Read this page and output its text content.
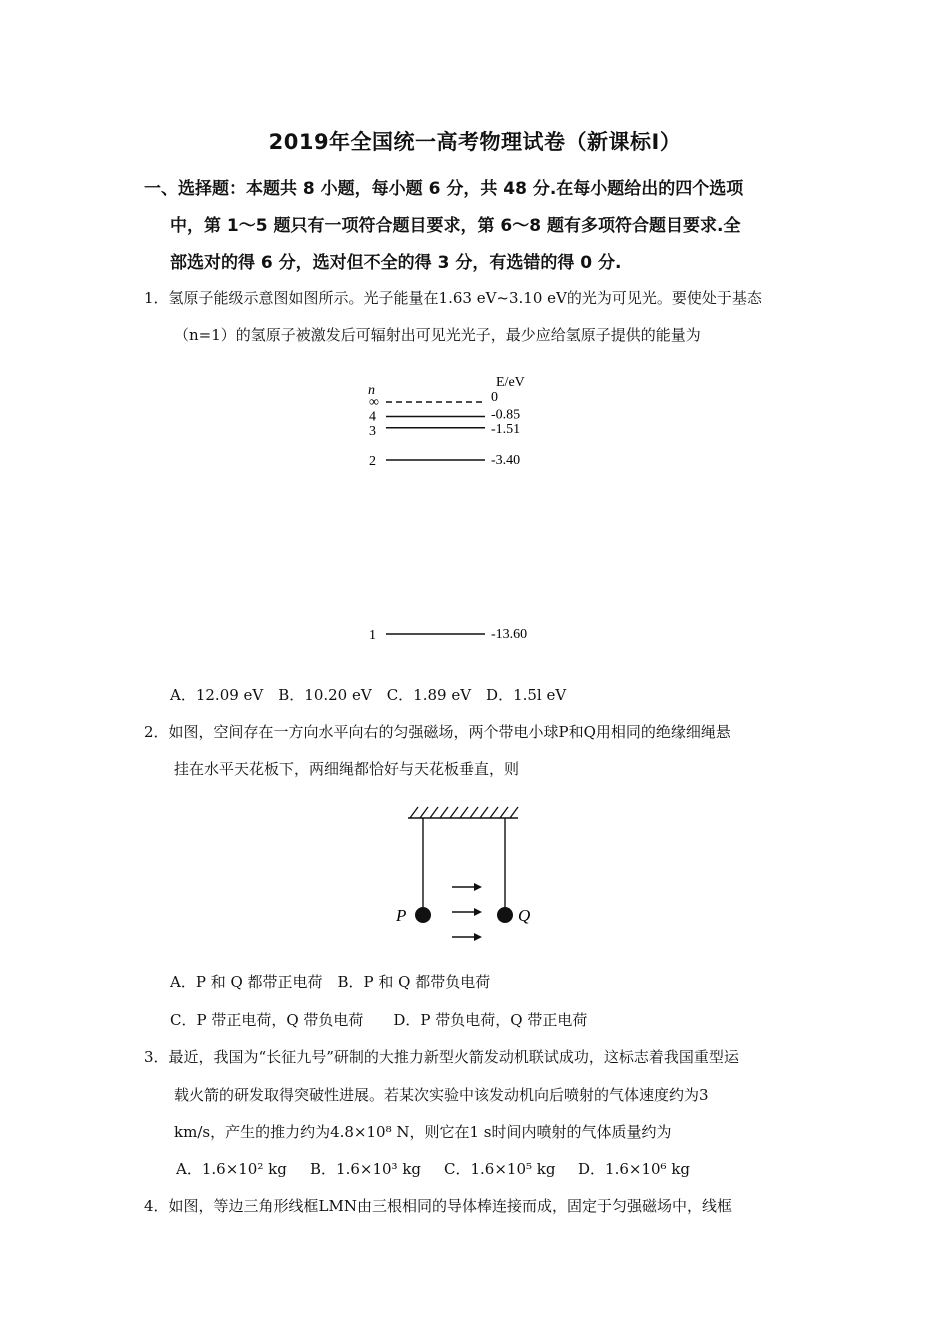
2019年全国统一高考物理试卷（新课标Ⅰ）
一、选择题：本题共 8 小题，每小题 6 分，共 48 分.在每小题给出的四个选项
中，第 1～5 题只有一项符合题目要求，第 6～8 题有多项符合题目要求.全
部选对的得 6 分，选对但不全的得 3 分，有选错的得 0 分.
1．氢原子能级示意图如图所示。光子能量在1.63 eV~3.10 eV的光为可见光。要使处于基态
（n=1）的氢原子被激发后可辐射出可见光光子，最少应给氢原子提供的能量为
n
E/eV
∞	0
4	-0.85
3	-1.51
2	-3.40
1	-13.60
A．12.09 eV　B．10.20 eV　C．1.89 eV　D．1.5l eV
2．如图，空间存在一方向水平向右的匀强磁场，两个带电小球P和Q用相同的绝缘细绳悬
挂在水平天花板下，两细绳都恰好与天花板垂直，则
P	Q
A．P 和 Q 都带正电荷　B．P 和 Q 都带负电荷
C．P 带正电荷，Q 带负电荷　　D．P 带负电荷，Q 带正电荷
3．最近，我国为“长征九号”研制的大推力新型火箭发动机联试成功，这标志着我国重型运
载火箭的研发取得突破性进展。若某次实验中该发动机向后喷射的气体速度约为3
km/s，产生的推力约为4.8×10⁸ N，则它在1 s时间内喷射的气体质量约为
A．1.6×10² kg B．1.6×10³ kg C．1.6×10⁵ kg D．1.6×10⁶ kg
4．如图，等边三角形线框LMN由三根相同的导体棒连接而成，固定于匀强磁场中，线框
